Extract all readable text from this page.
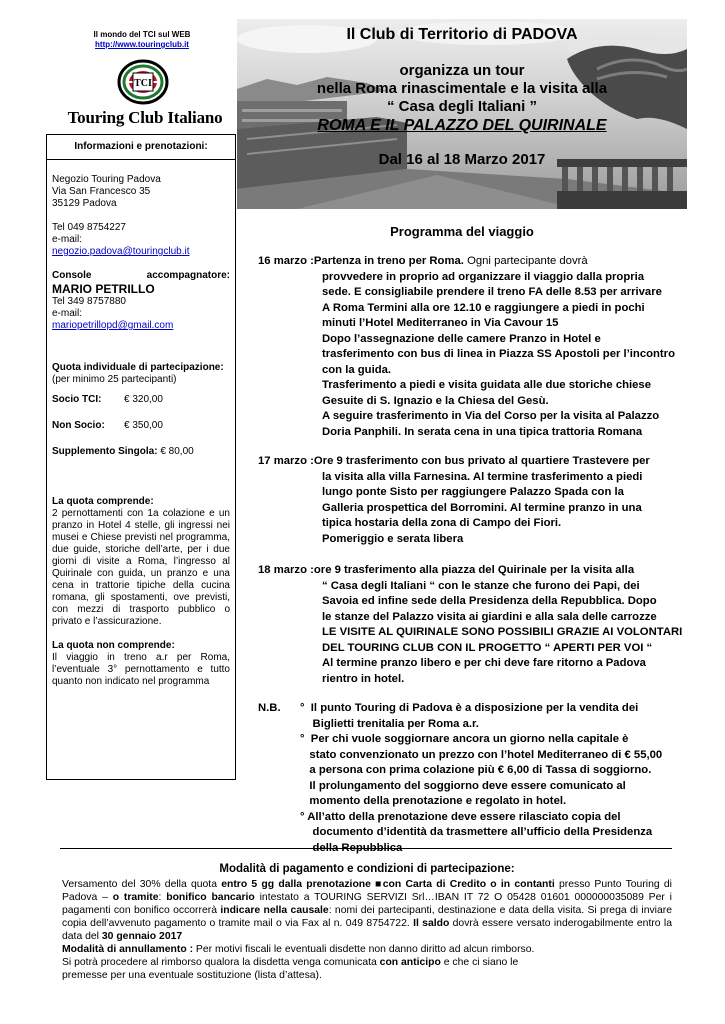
Il mondo del TCI sul WEB
http://www.touringclub.it
TCI
Touring Club Italiano
Informazioni e prenotazioni:
Negozio Touring Padova
Via San Francesco 35
35129 Padova
Tel 049 8754227
e-mail:
negozio.padova@touringclub.it
Console	accompagnatore:
MARIO PETRILLO
Tel 349 8757880
e-mail:
mariopetrillopd@gmail.com
Quota individuale di partecipazione:
(per minimo 25 partecipanti)
Socio TCI:	€ 320,00
Non Socio:	€ 350,00
Supplemento Singola:
€ 80,00
La quota comprende:
2 pernottamenti con 1a colazione e un pranzo in Hotel 4 stelle, gli ingressi nei musei e Chiese previsti nel programma, due guide, storiche dell’arte, per i due giorni di visite a Roma, l’ingresso al Quirinale con guida, un pranzo e una cena in trattorie tipiche della cucina romana, gli spostamenti, ove previsti, con mezzi di trasporto pubblico o privato e l’assicurazione.
La quota non comprende:
Il viaggio in treno a.r per Roma, l’eventuale 3° pernottamento e tutto quanto non indicato nel programma
Il Club di Territorio di PADOVA
organizza un tour
nella Roma rinascimentale e la visita alla
“ Casa degli Italiani ”
ROMA E IL PALAZZO DEL QUIRINALE
Dal 16 al 18 Marzo 2017
Programma del viaggio
16 marzo : Partenza in treno per Roma. Ogni partecipante dovrà
provvedere in proprio ad organizzare il viaggio dalla propria
sede. E consigliabile prendere il treno FA delle 8.53 per arrivare
A Roma Termini alla ore 12.10 e raggiungere a piedi in pochi
minuti l’Hotel Mediterraneo in Via Cavour 15
Dopo l’assegnazione delle camere Pranzo in Hotel e
trasferimento con bus di linea in Piazza SS Apostoli per l’incontro
con la guida.
Trasferimento a piedi e visita guidata alle due storiche chiese
Gesuite di S. Ignazio e la Chiesa del Gesù.
A seguire trasferimento in Via del Corso per la visita al Palazzo
Doria Panphili. In serata cena in una tipica trattoria Romana
17 marzo : Ore 9 trasferimento con bus privato al quartiere Trastevere per
la visita alla villa Farnesina. Al termine trasferimento a piedi
lungo ponte Sisto per raggiungere Palazzo Spada con la
Galleria prospettica del Borromini. Al termine pranzo in una
tipica hostaria della zona di Campo dei Fiori.
Pomeriggio e serata libera
18 marzo : ore 9 trasferimento alla piazza del Quirinale per la visita alla
“ Casa degli Italiani “ con le stanze che furono dei Papi, dei
Savoia ed infine sede della Presidenza della Repubblica. Dopo
le stanze del Palazzo visita ai giardini e alla sala delle carrozze
LE VISITE AL QUIRINALE SONO POSSIBILI GRAZIE AI VOLONTARI
DEL TOURING CLUB CON IL PROGETTO “ APERTI PER VOI “
Al termine pranzo libero e per chi deve fare ritorno a Padova
rientro in hotel.
N.B.	°  Il punto Touring di Padova è a disposizione per la vendita dei
Biglietti trenitalia per Roma a.r.
°  Per chi vuole soggiornare ancora un giorno nella capitale è
stato convenzionato un prezzo con l’hotel Mediterraneo di € 55,00
a persona con prima colazione più € 6,00 di Tassa di soggiorno.
Il prolungamento del soggiorno deve essere comunicato al
momento della prenotazione e regolato in hotel.
° All’atto della prenotazione deve essere rilasciato copia del
documento d’identità da trasmettere all’ufficio della Presidenza
della Repubblica
Modalità di pagamento e condizioni di partecipazione:
Versamento del 30% della quota entro 5 gg dalla prenotazione ■con Carta di Credito o in contanti presso Punto Touring di Padova – o tramite: bonifico bancario intestato a TOURING SERVIZI Srl…IBAN IT 72 O 05428 01601 000000035089 Per i pagamenti con bonifico occorrerà indicare nella causale: nomi dei partecipanti, destinazione e data della visita. Si prega di inviare copia dell’avvenuto pagamento o tramite mail o via Fax al n. 049 8754722. Il saldo dovrà essere versato inderogabilmente entro la data del 30 gennaio 2017
Modalità di annullamento : Per motivi fiscali le eventuali disdette non danno diritto ad alcun rimborso.
Si potrà procedere al rimborso qualora la disdetta venga comunicata con anticipo e che ci siano le
premesse per una eventuale sostituzione (lista d’attesa).
